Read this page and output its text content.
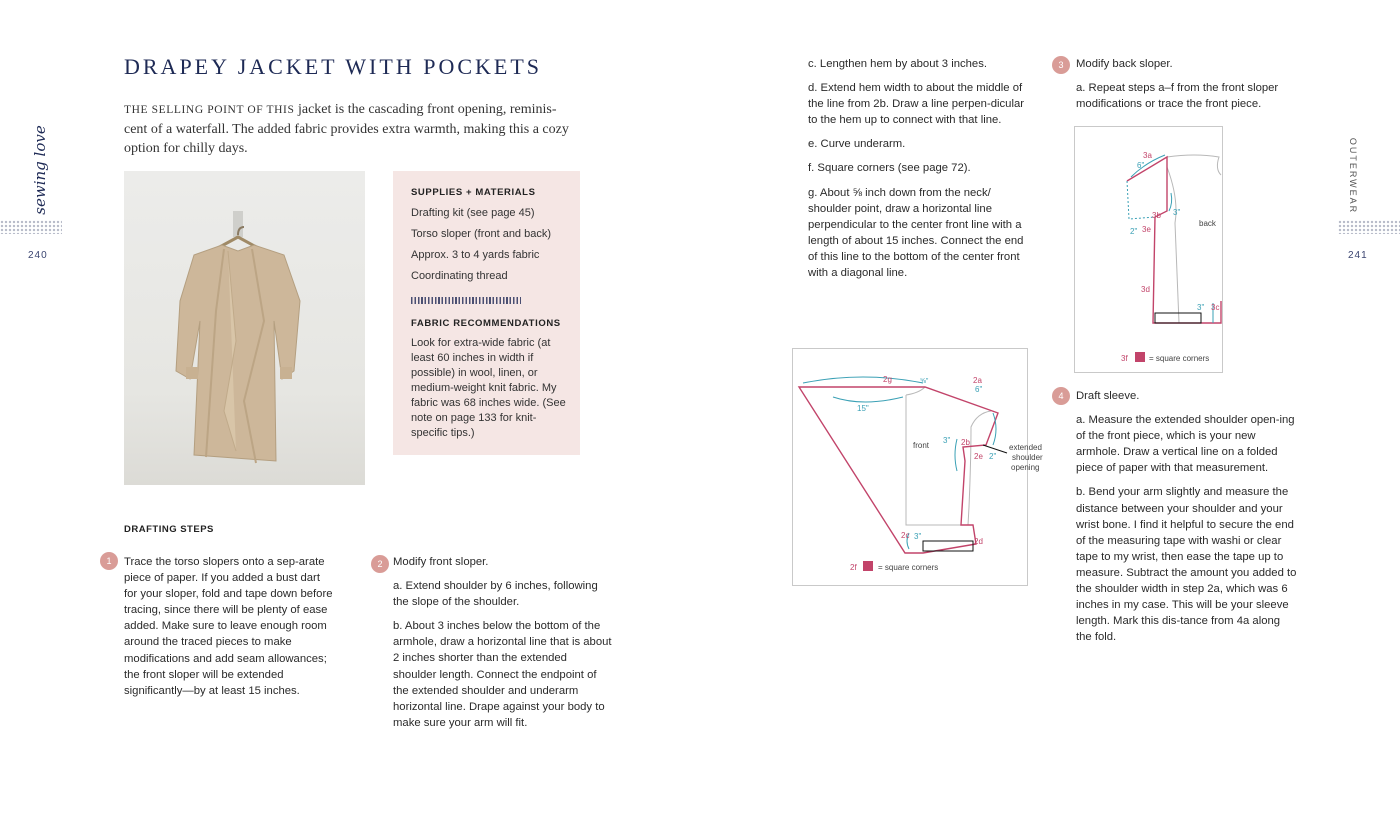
sewing love
240
DRAPEY JACKET WITH POCKETS
THE SELLING POINT OF THIS jacket is the cascading front opening, reminis-cent of a waterfall. The added fabric provides extra warmth, making this a cozy option for chilly days.
SUPPLIES + MATERIALS
Drafting kit (see page 45)
Torso sloper (front and back)
Approx. 3 to 4 yards fabric
Coordinating thread
FABRIC RECOMMENDATIONS
Look for extra-wide fabric (at least 60 inches in width if possible) in wool, linen, or medium-weight knit fabric. My fabric was 68 inches wide. (See note on page 133 for knit-specific tips.)
DRAFTING STEPS
1	Trace the torso slopers onto a sep-arate piece of paper. If you added a bust dart for your sloper, fold and tape down before tracing, since there will be plenty of ease added. Make sure to leave enough room around the traced pieces to make modifications and add seam allowances; the front sloper will be extended significantly—by at least 15 inches.
2 Modify front sloper.

a. Extend shoulder by 6 inches, following the slope of the shoulder.

b. About 3 inches below the bottom of the armhole, draw a horizontal line that is about 2 inches shorter than the extended shoulder length. Connect the endpoint of the extended shoulder and underarm horizontal line. Drape against your body to make sure your arm will fit.

c. Lengthen hem by about 3 inches.

d. Extend hem width to about the middle of the line from 2b. Draw a line perpen-dicular to the hem up to connect with that line.

e. Curve underarm.

f. Square corners (see page 72).

g. About ⅝ inch down from the neck/ shoulder point, draw a horizontal line perpendicular to the center front line with a length of about 15 inches. Connect the end of this line to the bottom of the center front with a diagonal line.

2g	⅝"	2a
6"
15"
front
3" 2b
2e 2"
extended
shoulder
opening
2c 3"
2d
2f	= square corners
3	Modify back sloper.

a. Repeat steps a–f from the front sloper modifications or trace the front piece.

3a
6"
3b 3"
2" 3e
back
3d
3" 3c
3f	= square corners
4	Draft sleeve.

a. Measure the extended shoulder open-ing of the front piece, which is your new armhole. Draw a vertical line on a folded piece of paper with that measurement.

b. Bend your arm slightly and measure the distance between your shoulder and your wrist bone. I find it helpful to secure the end of the measuring tape with washi or clear tape to my wrist, then ease the tape up to measure. Subtract the amount you added to the shoulder width in step 2a, which was 6 inches in my case. This will be your sleeve length. Mark this dis-tance from 4a along the fold.

OUTERWEAR
241
